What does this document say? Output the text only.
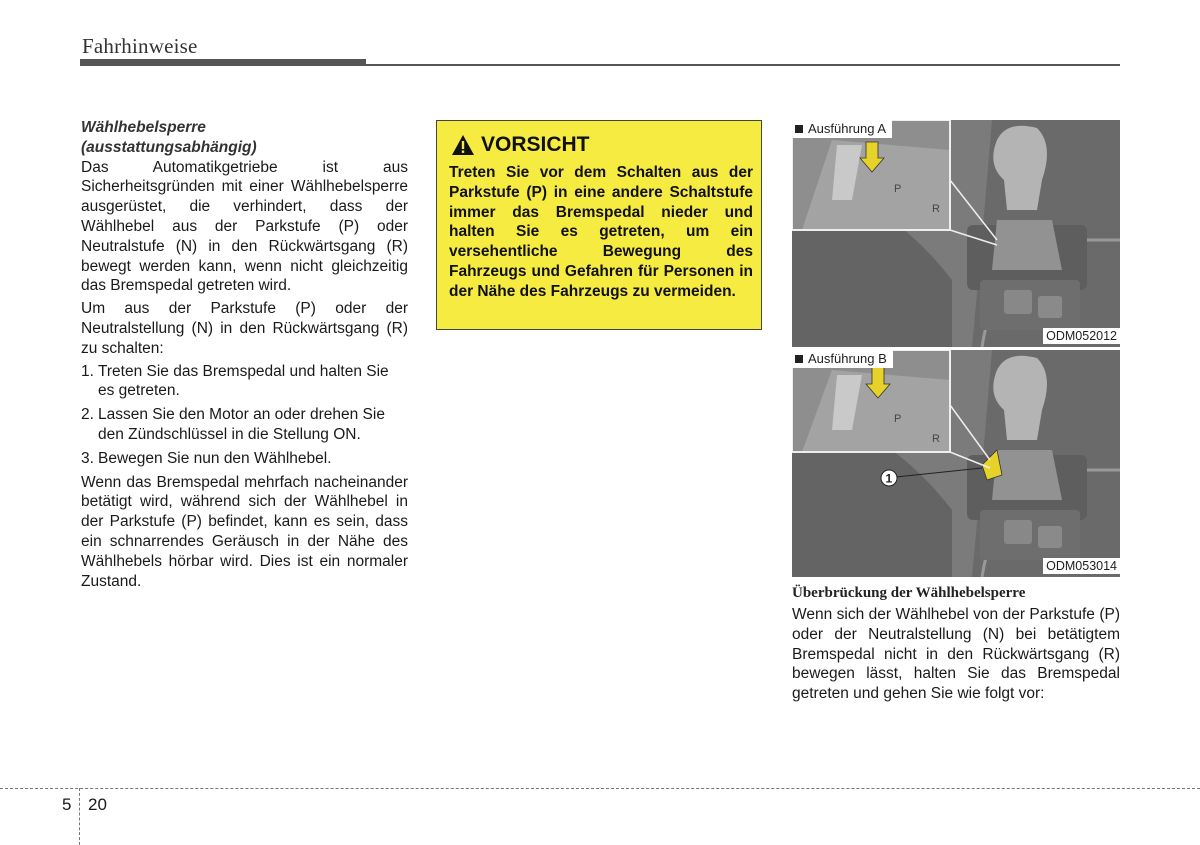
Fahrhinweise
Wählhebelsperre
(ausstattungsabhängig)

Das Automatikgetriebe ist aus Sicherheitsgründen mit einer Wählhebelsperre ausgerüstet, die verhindert, dass der Wählhebel aus der Parkstufe (P) oder Neutralstufe (N) in den Rückwärtsgang (R) bewegt werden kann, wenn nicht gleichzeitig das Bremspedal getreten wird.

Um aus der Parkstufe (P) oder der Neutralstellung (N) in den Rückwärtsgang (R) zu schalten:

1. Treten Sie das Bremspedal und halten Sie es getreten.
2. Lassen Sie den Motor an oder drehen Sie den Zündschlüssel in die Stellung ON.
3. Bewegen Sie nun den Wählhebel.

Wenn das Bremspedal mehrfach nacheinander betätigt wird, während sich der Wählhebel in der Parkstufe (P) befindet, kann es sein, dass ein schnarrendes Geräusch in der Nähe des Wählhebels hörbar wird. Dies ist ein normaler Zustand.

VORSICHT

Treten Sie vor dem Schalten aus der Parkstufe (P) in eine andere Schaltstufe immer das Bremspedal nieder und halten Sie es getreten, um ein versehentliche Bewegung des Fahrzeugs und Gefahren für Personen in der Nähe des Fahrzeugs zu vermeiden.

P
R
Ausführung A
ODM052012
P
R
1
Ausführung B
ODM053014
Überbrückung der Wählhebelsperre

Wenn sich der Wählhebel von der Parkstufe (P) oder der Neutralstellung (N) bei betätigtem Bremspedal nicht in den Rückwärtsgang (R) bewegen lässt, halten Sie das Bremspedal getreten und gehen Sie wie folgt vor:

5 20
